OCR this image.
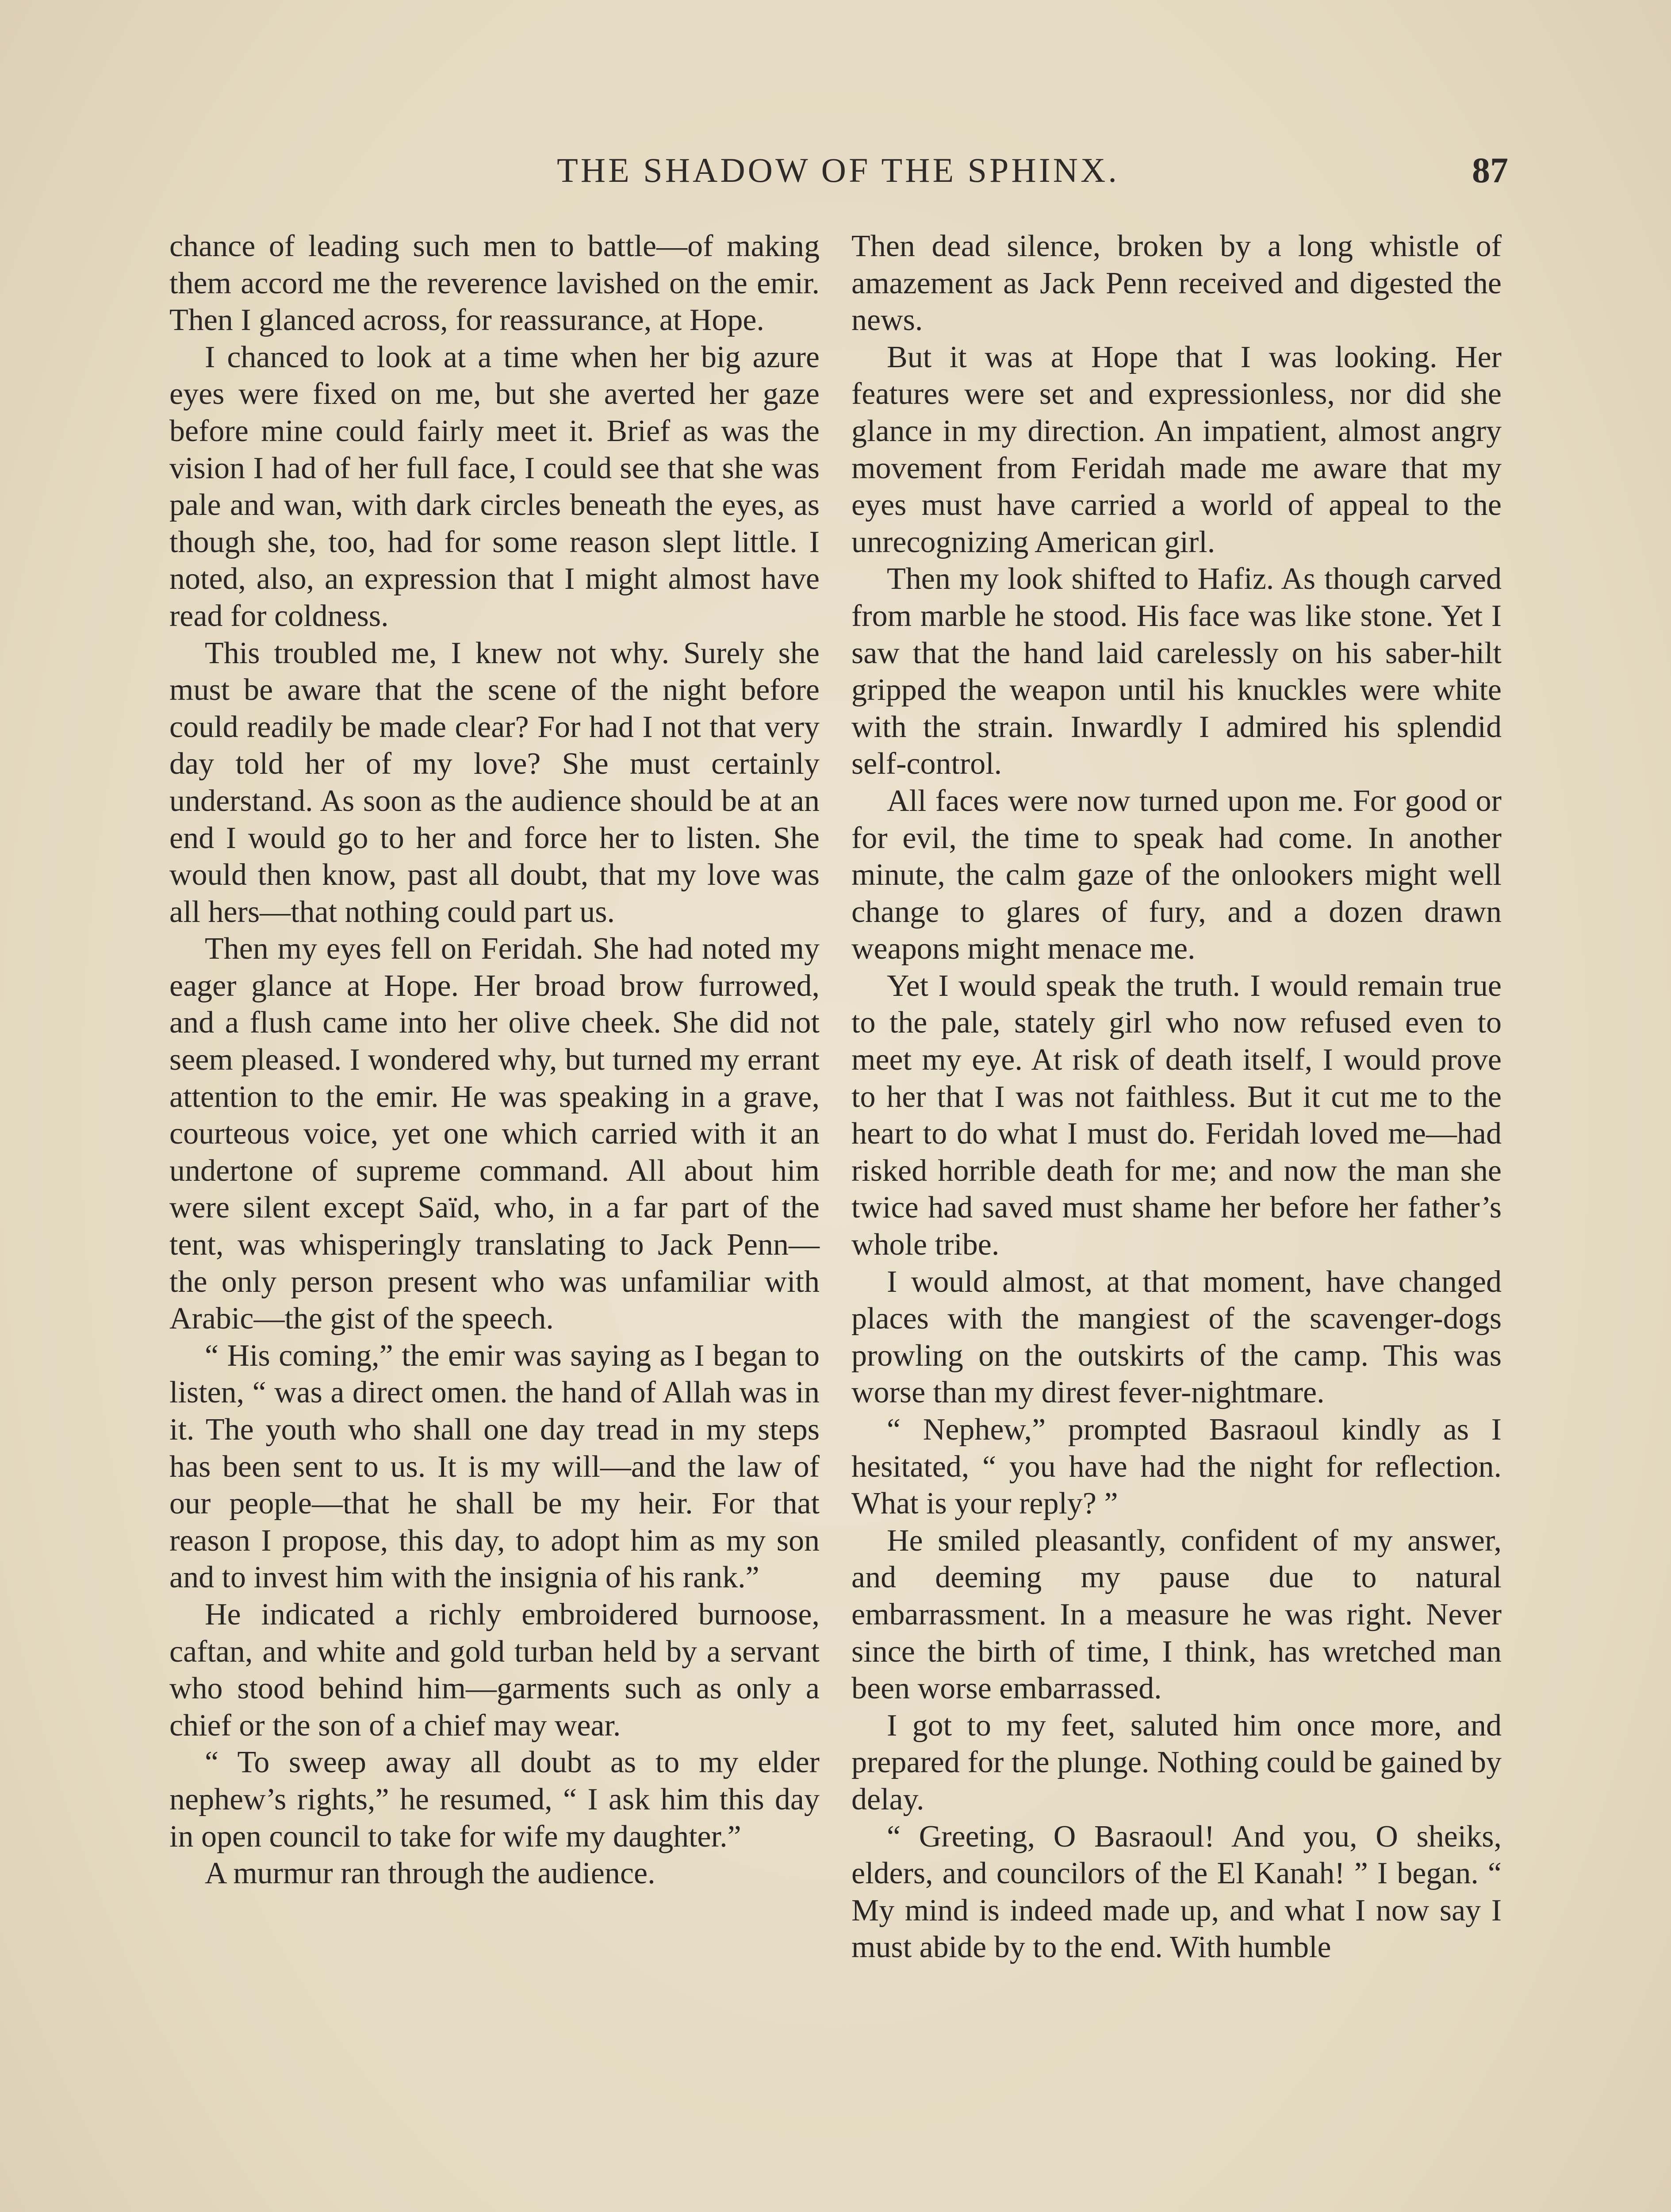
THE SHADOW OF THE SPHINX.	87

chance of leading such men to battle—of making them accord me the reverence lavished on the emir. Then I glanced across, for reassurance, at Hope.

I chanced to look at a time when her big azure eyes were fixed on me, but she averted her gaze before mine could fairly meet it. Brief as was the vision I had of her full face, I could see that she was pale and wan, with dark circles beneath the eyes, as though she, too, had for some reason slept little. I noted, also, an expression that I might almost have read for coldness.

This troubled me, I knew not why. Surely she must be aware that the scene of the night before could readily be made clear? For had I not that very day told her of my love? She must certainly understand. As soon as the audience should be at an end I would go to her and force her to listen. She would then know, past all doubt, that my love was all hers—that nothing could part us.

Then my eyes fell on Feridah. She had noted my eager glance at Hope. Her broad brow furrowed, and a flush came into her olive cheek. She did not seem pleased. I wondered why, but turned my errant attention to the emir. He was speaking in a grave, courteous voice, yet one which carried with it an undertone of supreme command. All about him were silent except Saïd, who, in a far part of the tent, was whisperingly translating to Jack Penn—the only person present who was unfamiliar with Arabic—the gist of the speech.

“ His coming,” the emir was saying as I began to listen, “ was a direct omen. the hand of Allah was in it. The youth who shall one day tread in my steps has been sent to us. It is my will—and the law of our people—that he shall be my heir. For that reason I propose, this day, to adopt him as my son and to invest him with the insignia of his rank.”

He indicated a richly embroidered burnoose, caftan, and white and gold turban held by a servant who stood behind him—garments such as only a chief or the son of a chief may wear.

“ To sweep away all doubt as to my elder nephew’s rights,” he resumed, “ I ask him this day in open council to take for wife my daughter.”

A murmur ran through the audience.

Then dead silence, broken by a long whistle of amazement as Jack Penn received and digested the news.

But it was at Hope that I was looking. Her features were set and expressionless, nor did she glance in my direction. An impatient, almost angry movement from Feridah made me aware that my eyes must have carried a world of appeal to the unrecognizing American girl.

Then my look shifted to Hafiz. As though carved from marble he stood. His face was like stone. Yet I saw that the hand laid carelessly on his saber-hilt gripped the weapon until his knuckles were white with the strain. Inwardly I admired his splendid self-control.

All faces were now turned upon me. For good or for evil, the time to speak had come. In another minute, the calm gaze of the onlookers might well change to glares of fury, and a dozen drawn weapons might menace me.

Yet I would speak the truth. I would remain true to the pale, stately girl who now refused even to meet my eye. At risk of death itself, I would prove to her that I was not faithless. But it cut me to the heart to do what I must do. Feridah loved me—had risked horrible death for me; and now the man she twice had saved must shame her before her father’s whole tribe.

I would almost, at that moment, have changed places with the mangiest of the scavenger-dogs prowling on the outskirts of the camp. This was worse than my direst fever-nightmare.

“ Nephew,” prompted Basraoul kindly as I hesitated, “ you have had the night for reflection. What is your reply? ”

He smiled pleasantly, confident of my answer, and deeming my pause due to natural embarrassment. In a measure he was right. Never since the birth of time, I think, has wretched man been worse embarrassed.

I got to my feet, saluted him once more, and prepared for the plunge. Nothing could be gained by delay.

“ Greeting, O Basraoul! And you, O sheiks, elders, and councilors of the El Kanah! ” I began. “ My mind is indeed made up, and what I now say I must abide by to the end. With humble
